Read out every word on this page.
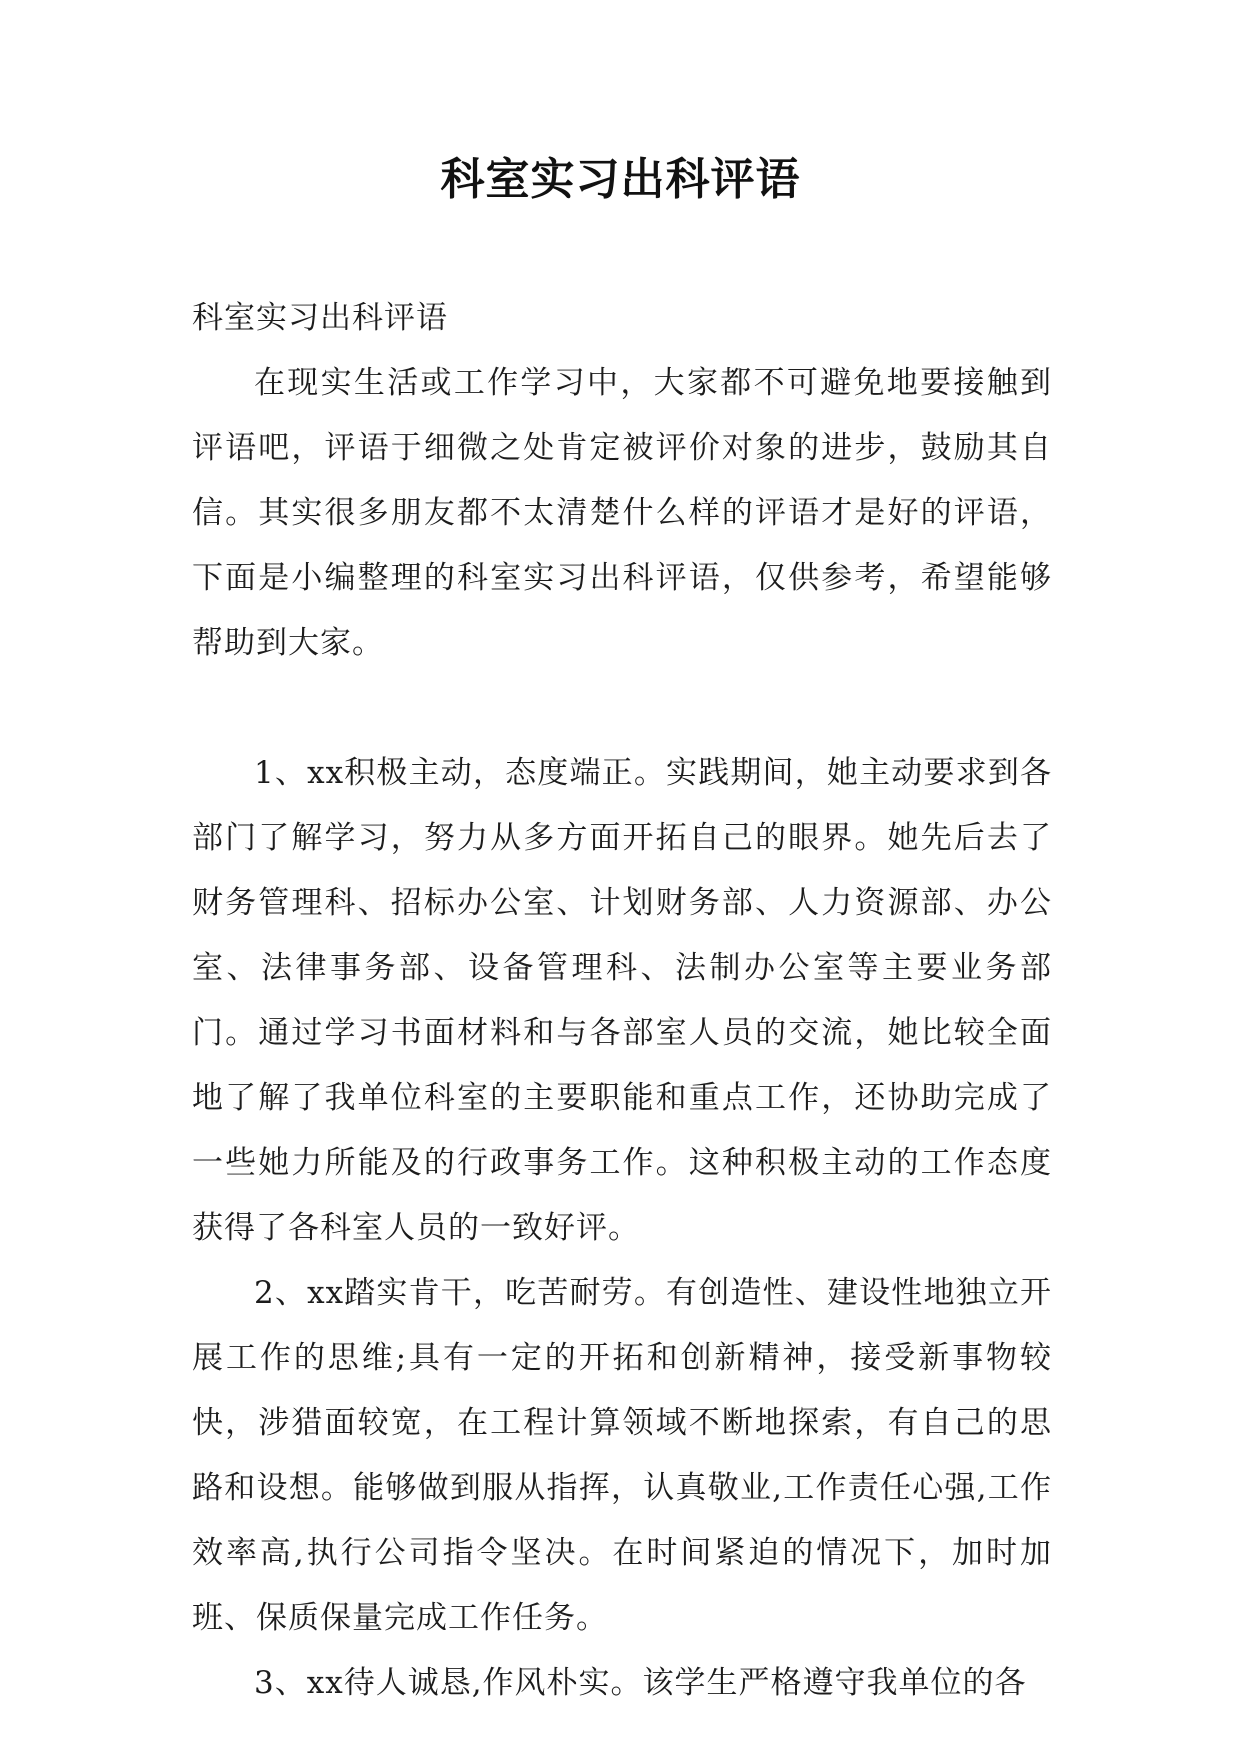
科室实习出科评语

科室实习出科评语

在现实生活或工作学习中，大家都不可避免地要接触到评语吧，评语于细微之处肯定被评价对象的进步，鼓励其自信。其实很多朋友都不太清楚什么样的评语才是好的评语，下面是小编整理的科室实习出科评语，仅供参考，希望能够帮助到大家。

1、xx积极主动，态度端正。实践期间，她主动要求到各部门了解学习，努力从多方面开拓自己的眼界。她先后去了财务管理科、招标办公室、计划财务部、人力资源部、办公室、法律事务部、设备管理科、法制办公室等主要业务部门。通过学习书面材料和与各部室人员的交流，她比较全面地了解了我单位科室的主要职能和重点工作，还协助完成了一些她力所能及的行政事务工作。这种积极主动的工作态度获得了各科室人员的一致好评。

2、xx踏实肯干，吃苦耐劳。有创造性、建设性地独立开展工作的思维;具有一定的开拓和创新精神，接受新事物较快，涉猎面较宽，在工程计算领域不断地探索，有自己的思路和设想。能够做到服从指挥，认真敬业,工作责任心强,工作效率高,执行公司指令坚决。在时间紧迫的情况下，加时加班、保质保量完成工作任务。

3、xx待人诚恳,作风朴实。该学生严格遵守我单位的各
